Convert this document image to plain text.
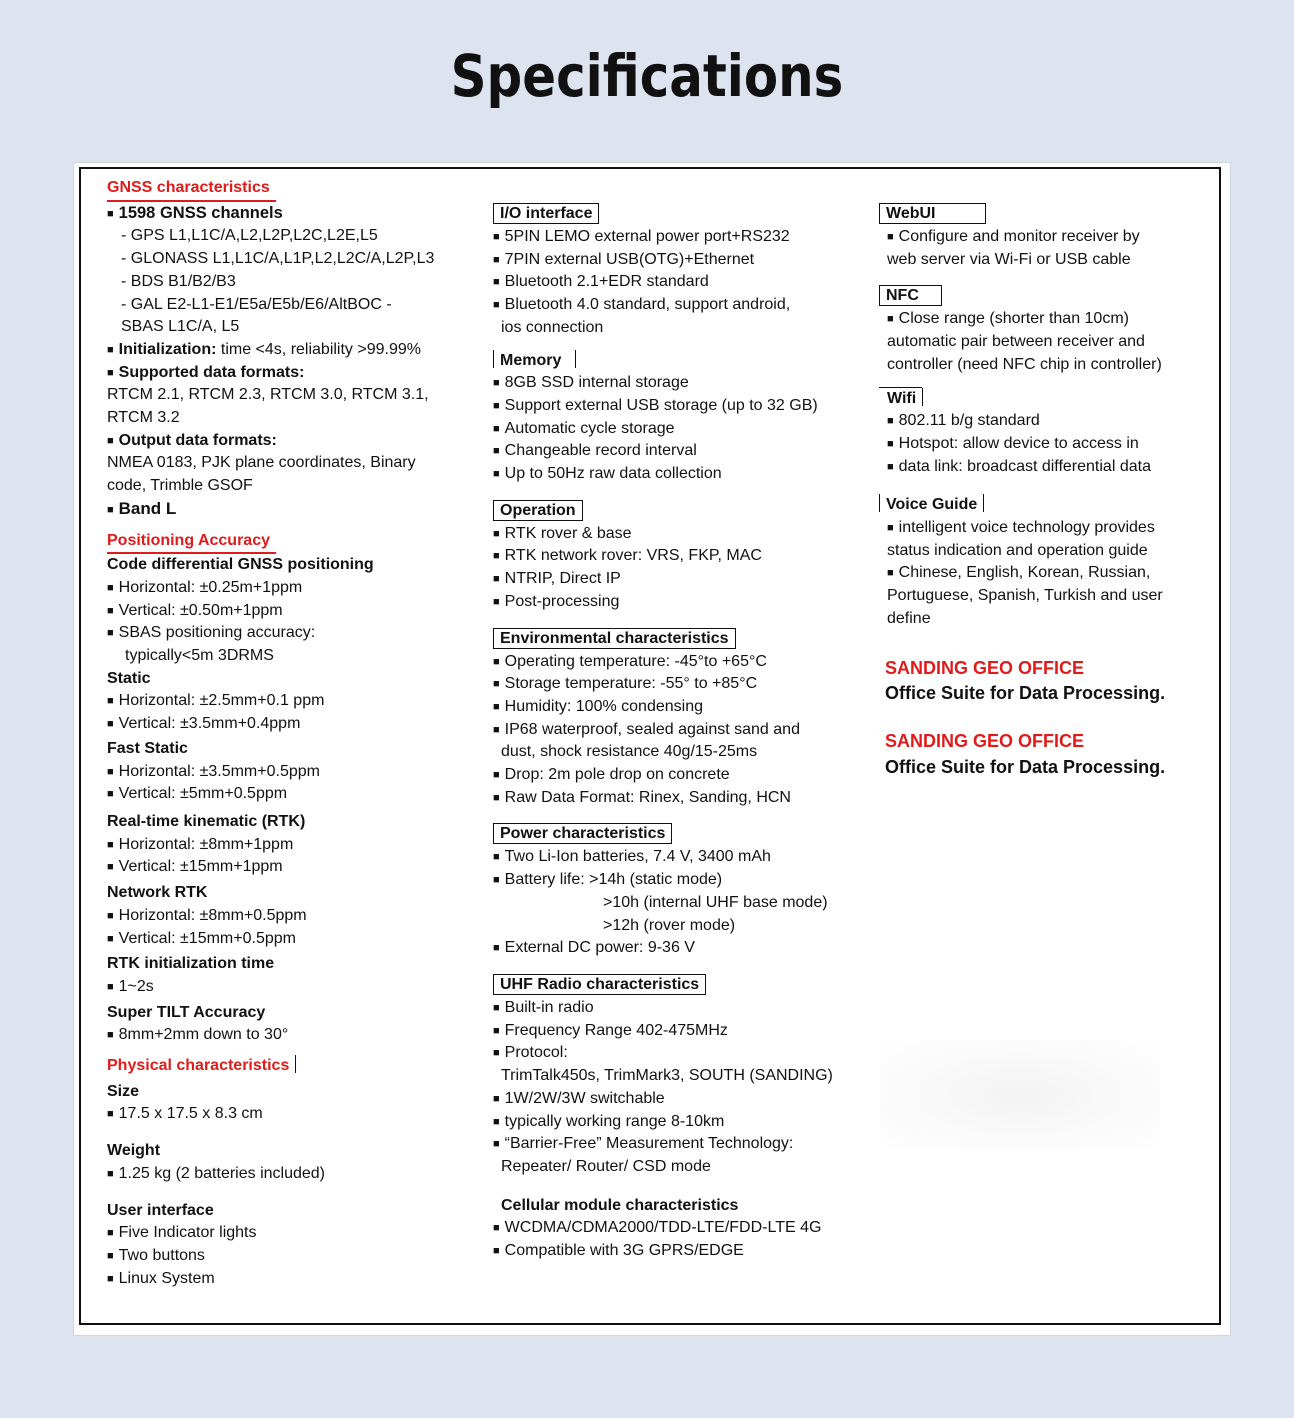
Specifications
GNSS characteristics
■ 1598 GNSS channels
- GPS L1,L1C/A,L2,L2P,L2C,L2E,L5
- GLONASS L1,L1C/A,L1P,L2,L2C/A,L2P,L3
- BDS B1/B2/B3
- GAL E2-L1-E1/E5a/E5b/E6/AltBOC -
SBAS L1C/A, L5
■ Initialization: time <4s, reliability >99.99%
■ Supported data formats:
RTCM 2.1, RTCM 2.3, RTCM 3.0, RTCM 3.1,
RTCM 3.2
■ Output data formats:
NMEA 0183, PJK plane coordinates, Binary
code, Trimble GSOF
■ Band L
Positioning Accuracy
Code differential GNSS positioning
■ Horizontal: ±0.25m+1ppm
■ Vertical: ±0.50m+1ppm
■ SBAS positioning accuracy:
typically<5m 3DRMS
Static
■ Horizontal: ±2.5mm+0.1 ppm
■ Vertical: ±3.5mm+0.4ppm
Fast Static
■ Horizontal: ±3.5mm+0.5ppm
■ Vertical: ±5mm+0.5ppm
Real-time kinematic (RTK)
■ Horizontal: ±8mm+1ppm
■ Vertical: ±15mm+1ppm
Network RTK
■ Horizontal: ±8mm+0.5ppm
■ Vertical: ±15mm+0.5ppm
RTK initialization time
■ 1~2s
Super TILT Accuracy
■ 8mm+2mm down to 30°
Physical characteristics
Size
■ 17.5 x 17.5 x 8.3 cm
Weight
■ 1.25 kg (2 batteries included)
User interface
■ Five Indicator lights
■ Two buttons
■ Linux System
I/O interface
■ 5PIN LEMO external power port+RS232
■ 7PIN external USB(OTG)+Ethernet
■ Bluetooth 2.1+EDR standard
■ Bluetooth 4.0 standard, support android,
ios connection
Memory
■ 8GB SSD internal storage
■ Support external USB storage (up to 32 GB)
■ Automatic cycle storage
■ Changeable record interval
■ Up to 50Hz raw data collection
Operation
■ RTK rover & base
■ RTK network rover: VRS, FKP, MAC
■ NTRIP, Direct IP
■ Post-processing
Environmental characteristics
■ Operating temperature: -45°to +65°C
■ Storage temperature: -55° to +85°C
■ Humidity: 100% condensing
■ IP68 waterproof, sealed against sand and
dust, shock resistance 40g/15-25ms
■ Drop: 2m pole drop on concrete
■ Raw Data Format: Rinex, Sanding, HCN
Power characteristics
■ Two Li-Ion batteries, 7.4 V, 3400 mAh
■ Battery life: >14h (static mode)
>10h (internal UHF base mode)
>12h (rover mode)
■ External DC power: 9-36 V
UHF Radio characteristics
■ Built-in radio
■ Frequency Range 402-475MHz
■ Protocol:
TrimTalk450s, TrimMark3, SOUTH (SANDING)
■ 1W/2W/3W switchable
■ typically working range 8-10km
■ “Barrier-Free” Measurement Technology:
Repeater/ Router/ CSD mode
Cellular module characteristics
■ WCDMA/CDMA2000/TDD-LTE/FDD-LTE 4G
■ Compatible with 3G GPRS/EDGE
WebUI
■ Configure and monitor receiver by
web server via Wi-Fi or USB cable
NFC
■ Close range (shorter than 10cm)
automatic pair between receiver and
controller (need NFC chip in controller)
Wifi
■ 802.11 b/g standard
■ Hotspot: allow device to access in
■ data link: broadcast differential data
Voice Guide
■ intelligent voice technology provides
status indication and operation guide
■ Chinese, English, Korean, Russian,
Portuguese, Spanish, Turkish and user
define
SANDING GEO OFFICE
Office Suite for Data Processing.
SANDING GEO OFFICE
Office Suite for Data Processing.
